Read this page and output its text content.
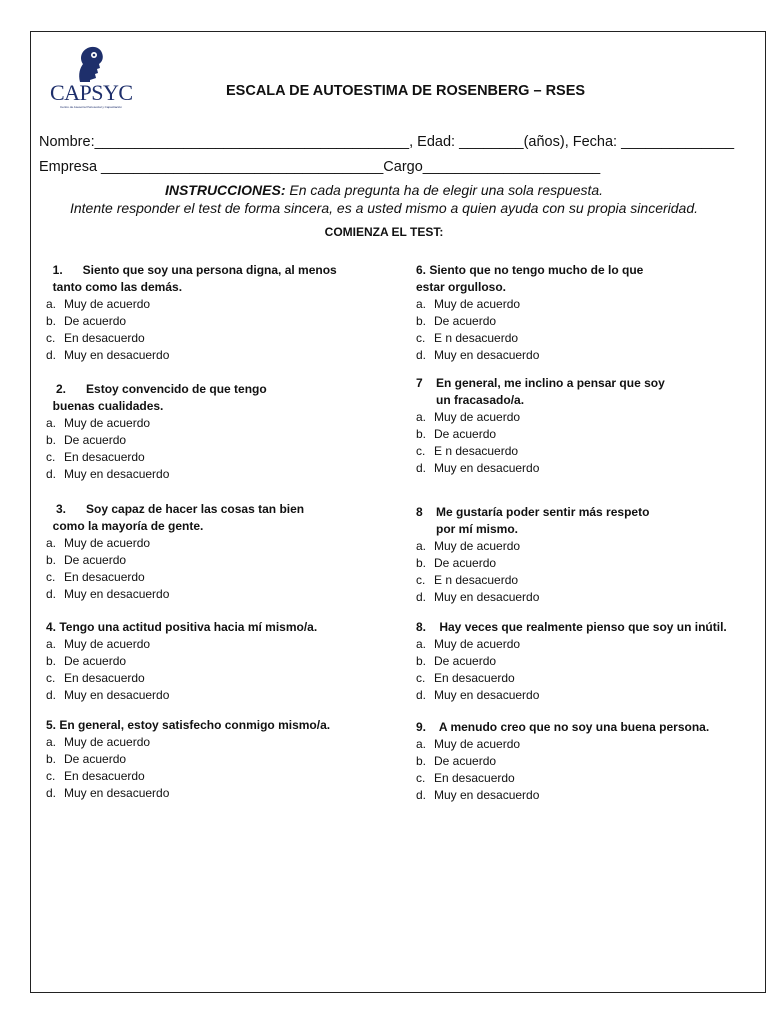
CAPSYC
Centro de Asesoría Psicosocial y Capacitación
ESCALA DE AUTOESTIMA DE ROSENBERG – RSES
Nombre:_______________________________________, Edad: ________(años), Fecha: ______________
Empresa ___________________________________Cargo______________________
INSTRUCCIONES: En cada pregunta ha de elegir una sola respuesta.
Intente responder el test de forma sincera, es a usted mismo a quien ayuda con su propia sinceridad.
COMIENZA EL TEST:
1.      Siento que soy una persona digna, al menos
tanto como las demás.
a. Muy de acuerdo
b. De acuerdo
c. En desacuerdo
d. Muy en desacuerdo
2.      Estoy convencido de que tengo
buenas cualidades.
a. Muy de acuerdo
b. De acuerdo
c. En desacuerdo
d. Muy en desacuerdo
3.      Soy capaz de hacer las cosas tan bien
como la mayoría de gente.
a. Muy de acuerdo
b. De acuerdo
c. En desacuerdo
d. Muy en desacuerdo
4. Tengo una actitud positiva hacia mí mismo/a.
a. Muy de acuerdo
b. De acuerdo
c. En desacuerdo
d. Muy en desacuerdo
5. En general, estoy satisfecho conmigo mismo/a.
a. Muy de acuerdo
b. De acuerdo
c. En desacuerdo
d. Muy en desacuerdo
6. Siento que no tengo mucho de lo que
estar orgulloso.
a. Muy de acuerdo
b. De acuerdo
c. E n desacuerdo
d. Muy en desacuerdo
7    En general, me inclino a pensar que soy
un fracasado/a.
a. Muy de acuerdo
b. De acuerdo
c. E n desacuerdo
d. Muy en desacuerdo
8    Me gustaría poder sentir más respeto
por mí mismo.
a. Muy de acuerdo
b. De acuerdo
c. E n desacuerdo
d. Muy en desacuerdo
8.    Hay veces que realmente pienso que soy un inútil.
a. Muy de acuerdo
b. De acuerdo
c. En desacuerdo
d. Muy en desacuerdo
9.    A menudo creo que no soy una buena persona.
a. Muy de acuerdo
b. De acuerdo
c. En desacuerdo
d. Muy en desacuerdo
